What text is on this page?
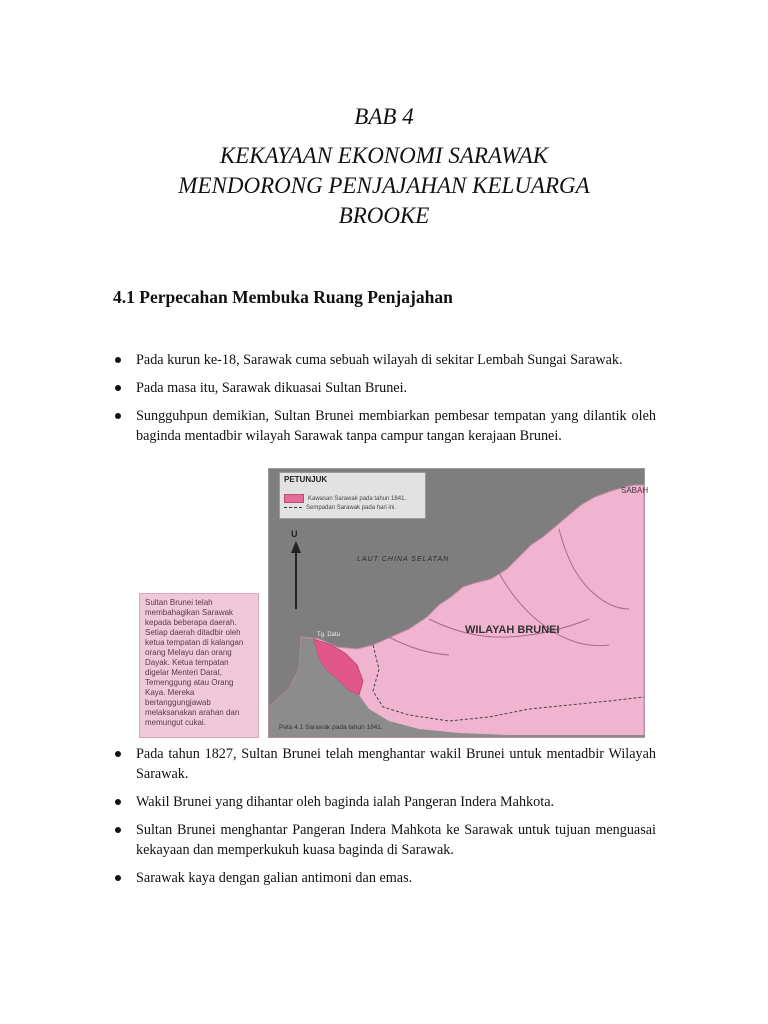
BAB 4
KEKAYAAN EKONOMI SARAWAK
MENDORONG PENJAJAHAN KELUARGA
BROOKE
4.1 Perpecahan Membuka Ruang Penjajahan
Pada kurun ke-18, Sarawak cuma sebuah wilayah di sekitar Lembah Sungai Sarawak.
Pada masa itu, Sarawak dikuasai Sultan Brunei.
Sungguhpun demikian, Sultan Brunei membiarkan pembesar tempatan yang dilantik oleh baginda mentadbir wilayah Sarawak tanpa campur tangan kerajaan Brunei.

Sultan Brunei telah membahagikan Sarawak kepada beberapa daerah. Setiap daerah ditadbir oleh ketua tempatan di kalangan orang Melayu dan orang Dayak. Ketua tempatan digelar Menteri Darat, Temenggung atau Orang Kaya. Mereka bertanggungjawab melaksanakan arahan dan memungut cukai.

PETUNJUK
Kawasan Sarawak pada tahun 1841.
Sempadan Sarawak pada hari ini.
U
SABAH
LAUT CHINA SELATAN
WILAYAH BRUNEI
Tg. Datu
Peta 4.1 Sarawak pada tahun 1841.
Pada tahun 1827, Sultan Brunei telah menghantar wakil Brunei untuk mentadbir Wilayah Sarawak.
Wakil Brunei yang dihantar oleh baginda ialah Pangeran Indera Mahkota.
Sultan Brunei menghantar Pangeran Indera Mahkota ke Sarawak untuk tujuan menguasai kekayaan dan memperkukuh kuasa baginda di Sarawak.
Sarawak kaya dengan galian antimoni dan emas.
